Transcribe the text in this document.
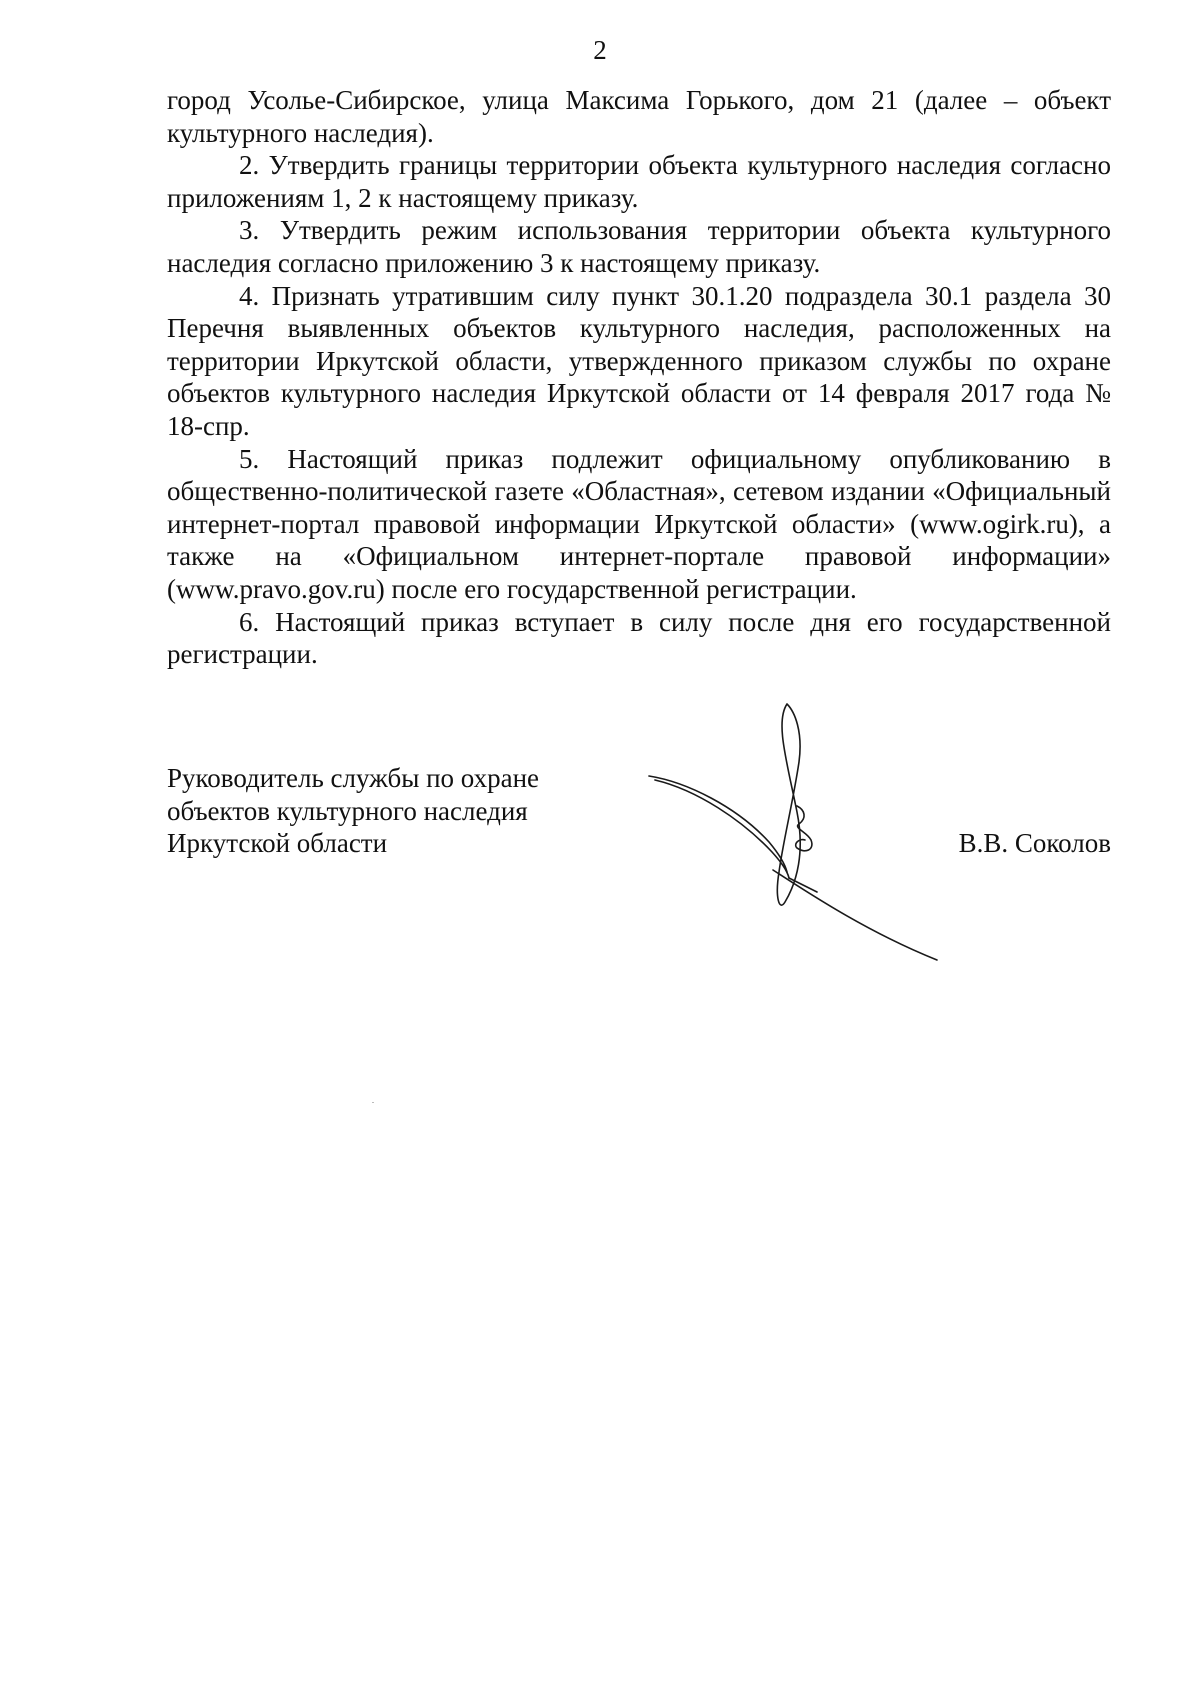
2

город Усолье-Сибирское, улица Максима Горького, дом 21 (далее – объект культурного наследия).

2. Утвердить границы территории объекта культурного наследия согласно приложениям 1, 2 к настоящему приказу.

3. Утвердить режим использования территории объекта культурного наследия согласно приложению 3 к настоящему приказу.

4. Признать утратившим силу пункт 30.1.20 подраздела 30.1 раздела 30 Перечня выявленных объектов культурного наследия, расположенных на территории Иркутской области, утвержденного приказом службы по охране объектов культурного наследия Иркутской области от 14 февраля 2017 года № 18-спр.

5. Настоящий приказ подлежит официальному опубликованию в общественно-политической газете «Областная», сетевом издании «Официальный интернет-портал правовой информации Иркутской области» (www.ogirk.ru), а также на «Официальном интернет-портале правовой информации» (www.pravo.gov.ru) после его государственной регистрации.

6. Настоящий приказ вступает в силу после дня его государственной регистрации.

Руководитель службы по охране
объектов культурного наследия
Иркутской области	В.В. Соколов
